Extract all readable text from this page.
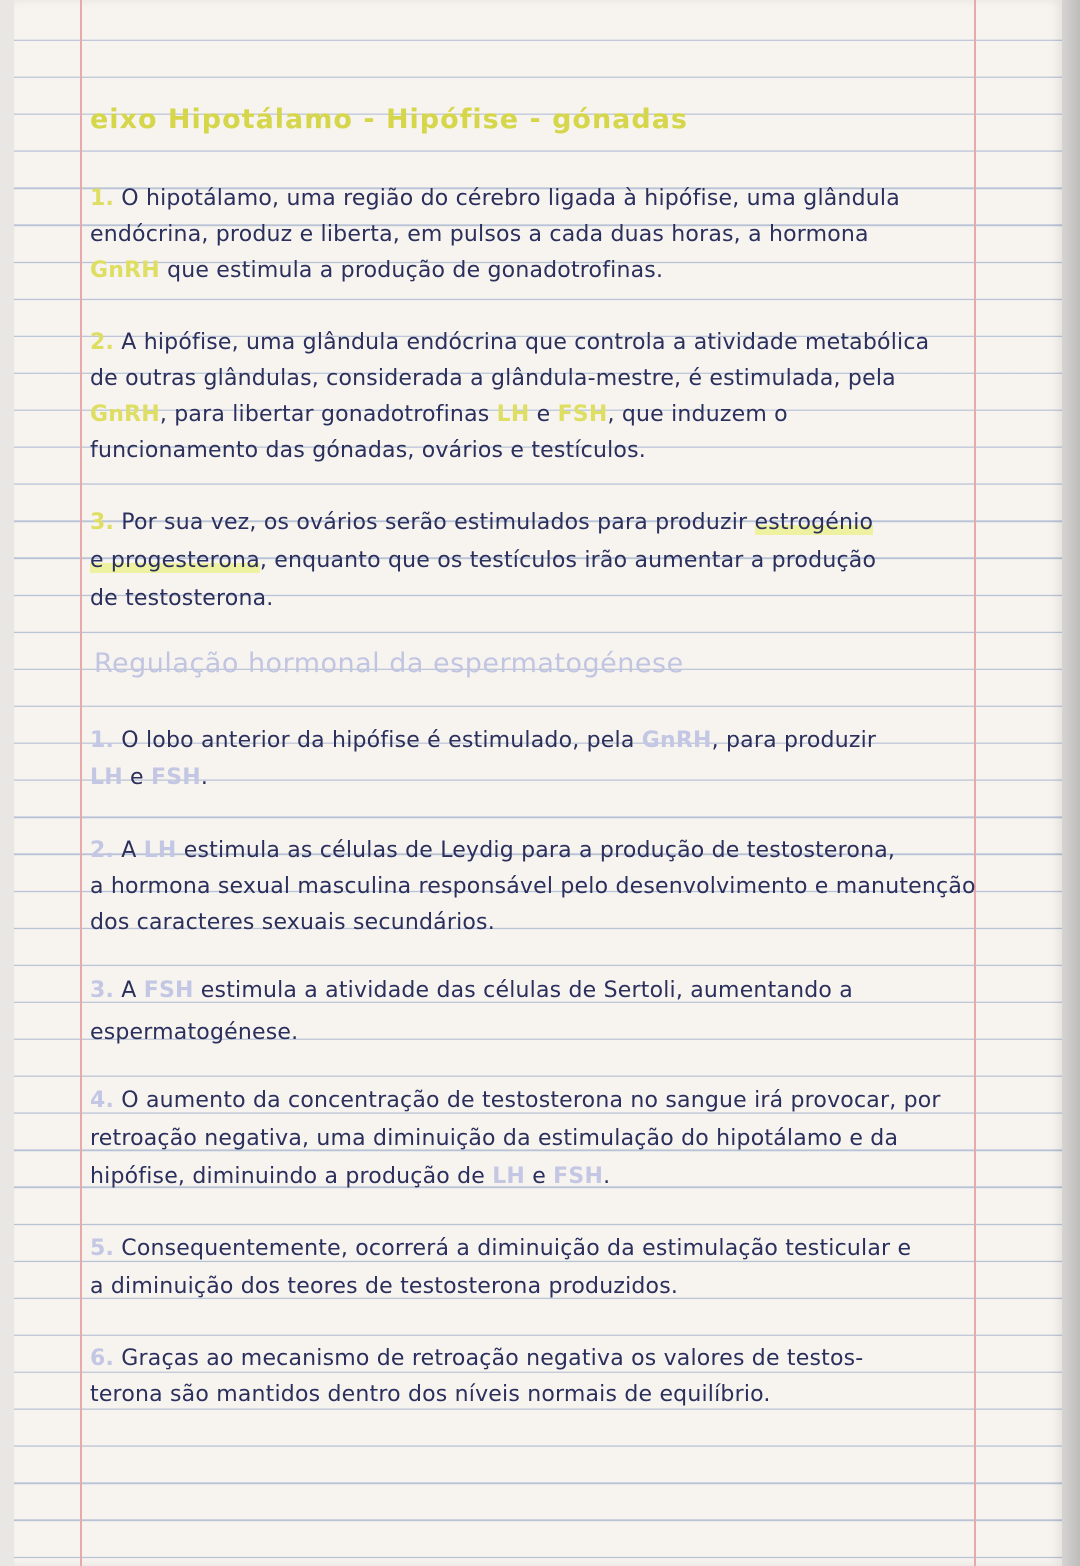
eixo Hipotálamo - Hipófise - gónadas
Regulação hormonal da espermatogénese
1. O hipotálamo, uma região do cérebro ligada à hipófise, uma glândula
endócrina, produz e liberta, em pulsos a cada duas horas, a hormona
GnRH que estimula a produção de gonadotrofinas.
2. A hipófise, uma glândula endócrina que controla a atividade metabólica
de outras glândulas, considerada a glândula-mestre, é estimulada, pela
GnRH, para libertar gonadotrofinas LH e FSH, que induzem o
funcionamento das gónadas, ovários e testículos.
3. Por sua vez, os ovários serão estimulados para produzir estrogénio
e progesterona, enquanto que os testículos irão aumentar a produção
de testosterona.
1. O lobo anterior da hipófise é estimulado, pela GnRH, para produzir
LH e FSH.
2. A LH estimula as células de Leydig para a produção de testosterona,
a hormona sexual masculina responsável pelo desenvolvimento e manutenção
dos caracteres sexuais secundários.
3. A FSH estimula a atividade das células de Sertoli, aumentando a
espermatogénese.
4. O aumento da concentração de testosterona no sangue irá provocar, por
retroação negativa, uma diminuição da estimulação do hipotálamo e da
hipófise, diminuindo a produção de LH e FSH.
5. Consequentemente, ocorrerá a diminuição da estimulação testicular e
a diminuição dos teores de testosterona produzidos.
6. Graças ao mecanismo de retroação negativa os valores de testos-
terona são mantidos dentro dos níveis normais de equilíbrio.
